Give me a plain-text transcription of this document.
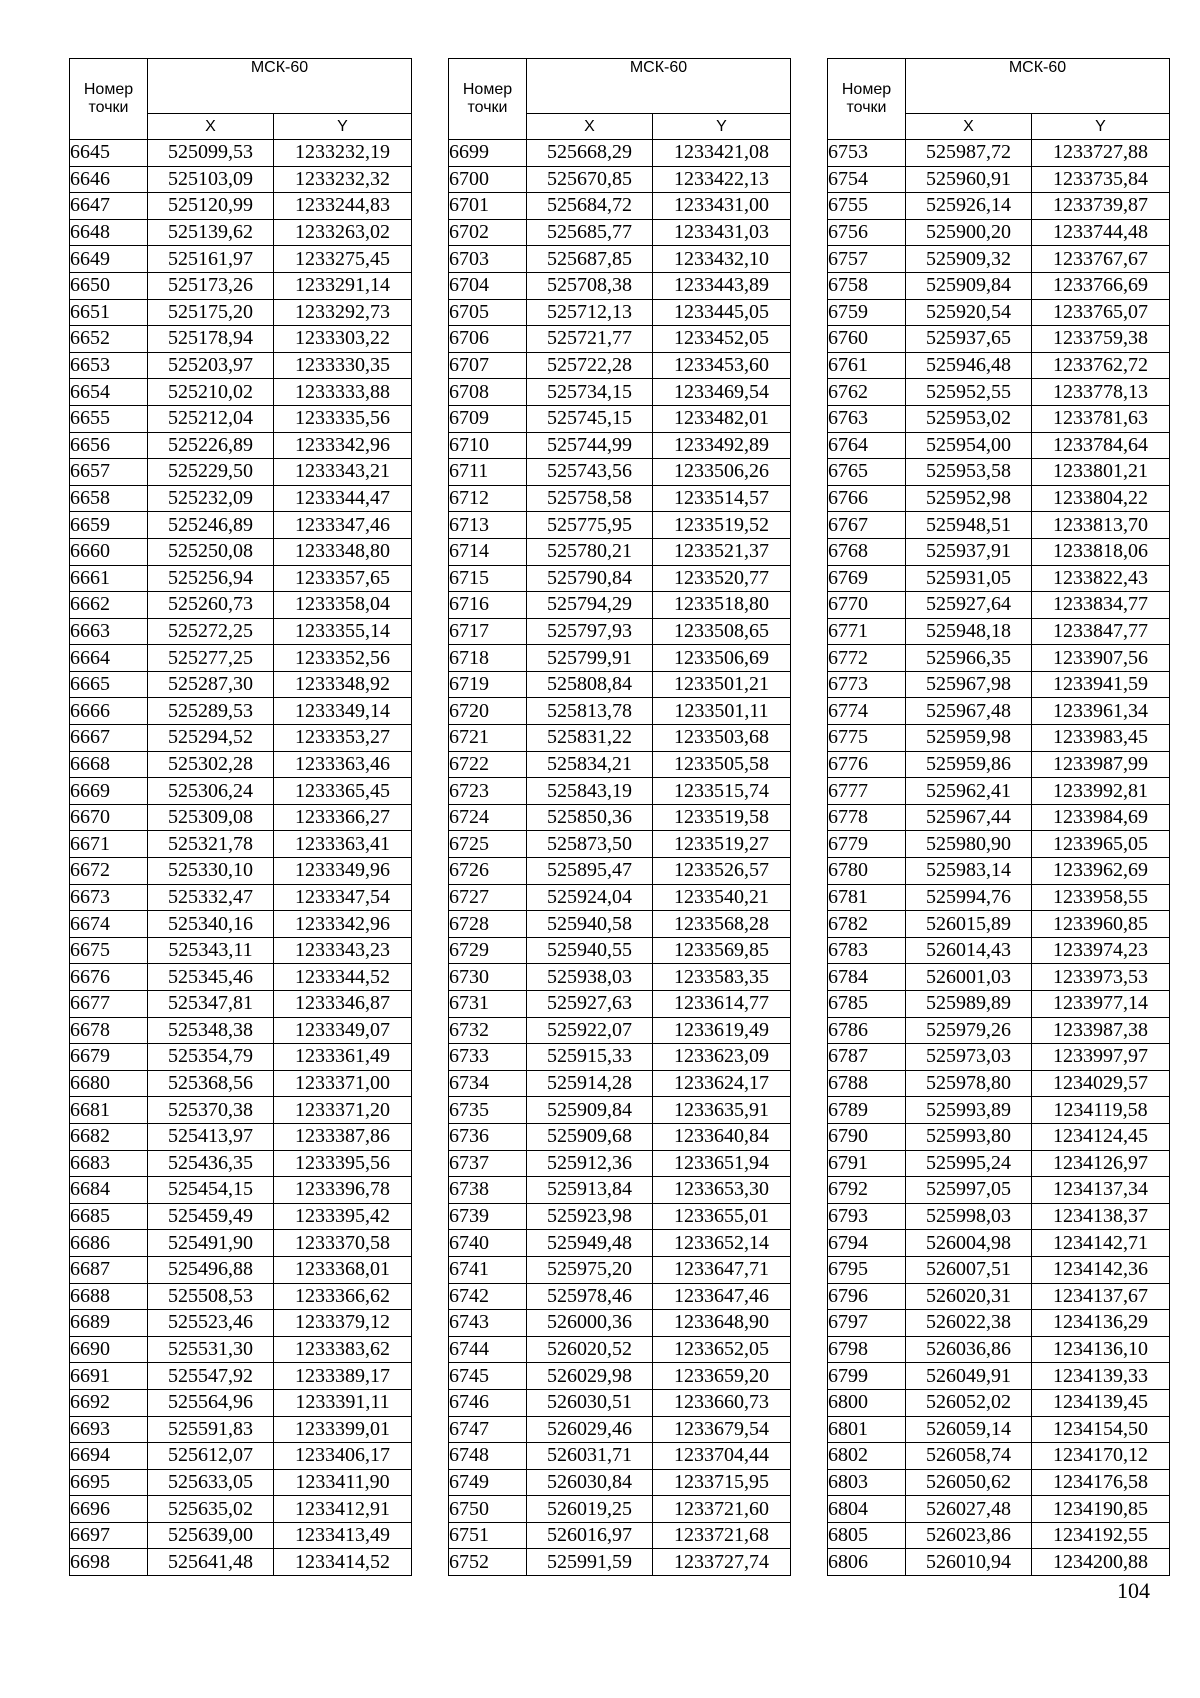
Номер
точки	МСК-60	
	X	Y
6645	525099,53	1233232,19
6646	525103,09	1233232,32
6647	525120,99	1233244,83
6648	525139,62	1233263,02
6649	525161,97	1233275,45
6650	525173,26	1233291,14
6651	525175,20	1233292,73
6652	525178,94	1233303,22
6653	525203,97	1233330,35
6654	525210,02	1233333,88
6655	525212,04	1233335,56
6656	525226,89	1233342,96
6657	525229,50	1233343,21
6658	525232,09	1233344,47
6659	525246,89	1233347,46
6660	525250,08	1233348,80
6661	525256,94	1233357,65
6662	525260,73	1233358,04
6663	525272,25	1233355,14
6664	525277,25	1233352,56
6665	525287,30	1233348,92
6666	525289,53	1233349,14
6667	525294,52	1233353,27
6668	525302,28	1233363,46
6669	525306,24	1233365,45
6670	525309,08	1233366,27
6671	525321,78	1233363,41
6672	525330,10	1233349,96
6673	525332,47	1233347,54
6674	525340,16	1233342,96
6675	525343,11	1233343,23
6676	525345,46	1233344,52
6677	525347,81	1233346,87
6678	525348,38	1233349,07
6679	525354,79	1233361,49
6680	525368,56	1233371,00
6681	525370,38	1233371,20
6682	525413,97	1233387,86
6683	525436,35	1233395,56
6684	525454,15	1233396,78
6685	525459,49	1233395,42
6686	525491,90	1233370,58
6687	525496,88	1233368,01
6688	525508,53	1233366,62
6689	525523,46	1233379,12
6690	525531,30	1233383,62
6691	525547,92	1233389,17
6692	525564,96	1233391,11
6693	525591,83	1233399,01
6694	525612,07	1233406,17
6695	525633,05	1233411,90
6696	525635,02	1233412,91
6697	525639,00	1233413,49
6698	525641,48	1233414,52
Номер
точки	МСК-60	
	X	Y
6699	525668,29	1233421,08
6700	525670,85	1233422,13
6701	525684,72	1233431,00
6702	525685,77	1233431,03
6703	525687,85	1233432,10
6704	525708,38	1233443,89
6705	525712,13	1233445,05
6706	525721,77	1233452,05
6707	525722,28	1233453,60
6708	525734,15	1233469,54
6709	525745,15	1233482,01
6710	525744,99	1233492,89
6711	525743,56	1233506,26
6712	525758,58	1233514,57
6713	525775,95	1233519,52
6714	525780,21	1233521,37
6715	525790,84	1233520,77
6716	525794,29	1233518,80
6717	525797,93	1233508,65
6718	525799,91	1233506,69
6719	525808,84	1233501,21
6720	525813,78	1233501,11
6721	525831,22	1233503,68
6722	525834,21	1233505,58
6723	525843,19	1233515,74
6724	525850,36	1233519,58
6725	525873,50	1233519,27
6726	525895,47	1233526,57
6727	525924,04	1233540,21
6728	525940,58	1233568,28
6729	525940,55	1233569,85
6730	525938,03	1233583,35
6731	525927,63	1233614,77
6732	525922,07	1233619,49
6733	525915,33	1233623,09
6734	525914,28	1233624,17
6735	525909,84	1233635,91
6736	525909,68	1233640,84
6737	525912,36	1233651,94
6738	525913,84	1233653,30
6739	525923,98	1233655,01
6740	525949,48	1233652,14
6741	525975,20	1233647,71
6742	525978,46	1233647,46
6743	526000,36	1233648,90
6744	526020,52	1233652,05
6745	526029,98	1233659,20
6746	526030,51	1233660,73
6747	526029,46	1233679,54
6748	526031,71	1233704,44
6749	526030,84	1233715,95
6750	526019,25	1233721,60
6751	526016,97	1233721,68
6752	525991,59	1233727,74
Номер
точки	МСК-60	
	X	Y
6753	525987,72	1233727,88
6754	525960,91	1233735,84
6755	525926,14	1233739,87
6756	525900,20	1233744,48
6757	525909,32	1233767,67
6758	525909,84	1233766,69
6759	525920,54	1233765,07
6760	525937,65	1233759,38
6761	525946,48	1233762,72
6762	525952,55	1233778,13
6763	525953,02	1233781,63
6764	525954,00	1233784,64
6765	525953,58	1233801,21
6766	525952,98	1233804,22
6767	525948,51	1233813,70
6768	525937,91	1233818,06
6769	525931,05	1233822,43
6770	525927,64	1233834,77
6771	525948,18	1233847,77
6772	525966,35	1233907,56
6773	525967,98	1233941,59
6774	525967,48	1233961,34
6775	525959,98	1233983,45
6776	525959,86	1233987,99
6777	525962,41	1233992,81
6778	525967,44	1233984,69
6779	525980,90	1233965,05
6780	525983,14	1233962,69
6781	525994,76	1233958,55
6782	526015,89	1233960,85
6783	526014,43	1233974,23
6784	526001,03	1233973,53
6785	525989,89	1233977,14
6786	525979,26	1233987,38
6787	525973,03	1233997,97
6788	525978,80	1234029,57
6789	525993,89	1234119,58
6790	525993,80	1234124,45
6791	525995,24	1234126,97
6792	525997,05	1234137,34
6793	525998,03	1234138,37
6794	526004,98	1234142,71
6795	526007,51	1234142,36
6796	526020,31	1234137,67
6797	526022,38	1234136,29
6798	526036,86	1234136,10
6799	526049,91	1234139,33
6800	526052,02	1234139,45
6801	526059,14	1234154,50
6802	526058,74	1234170,12
6803	526050,62	1234176,58
6804	526027,48	1234190,85
6805	526023,86	1234192,55
6806	526010,94	1234200,88
104
